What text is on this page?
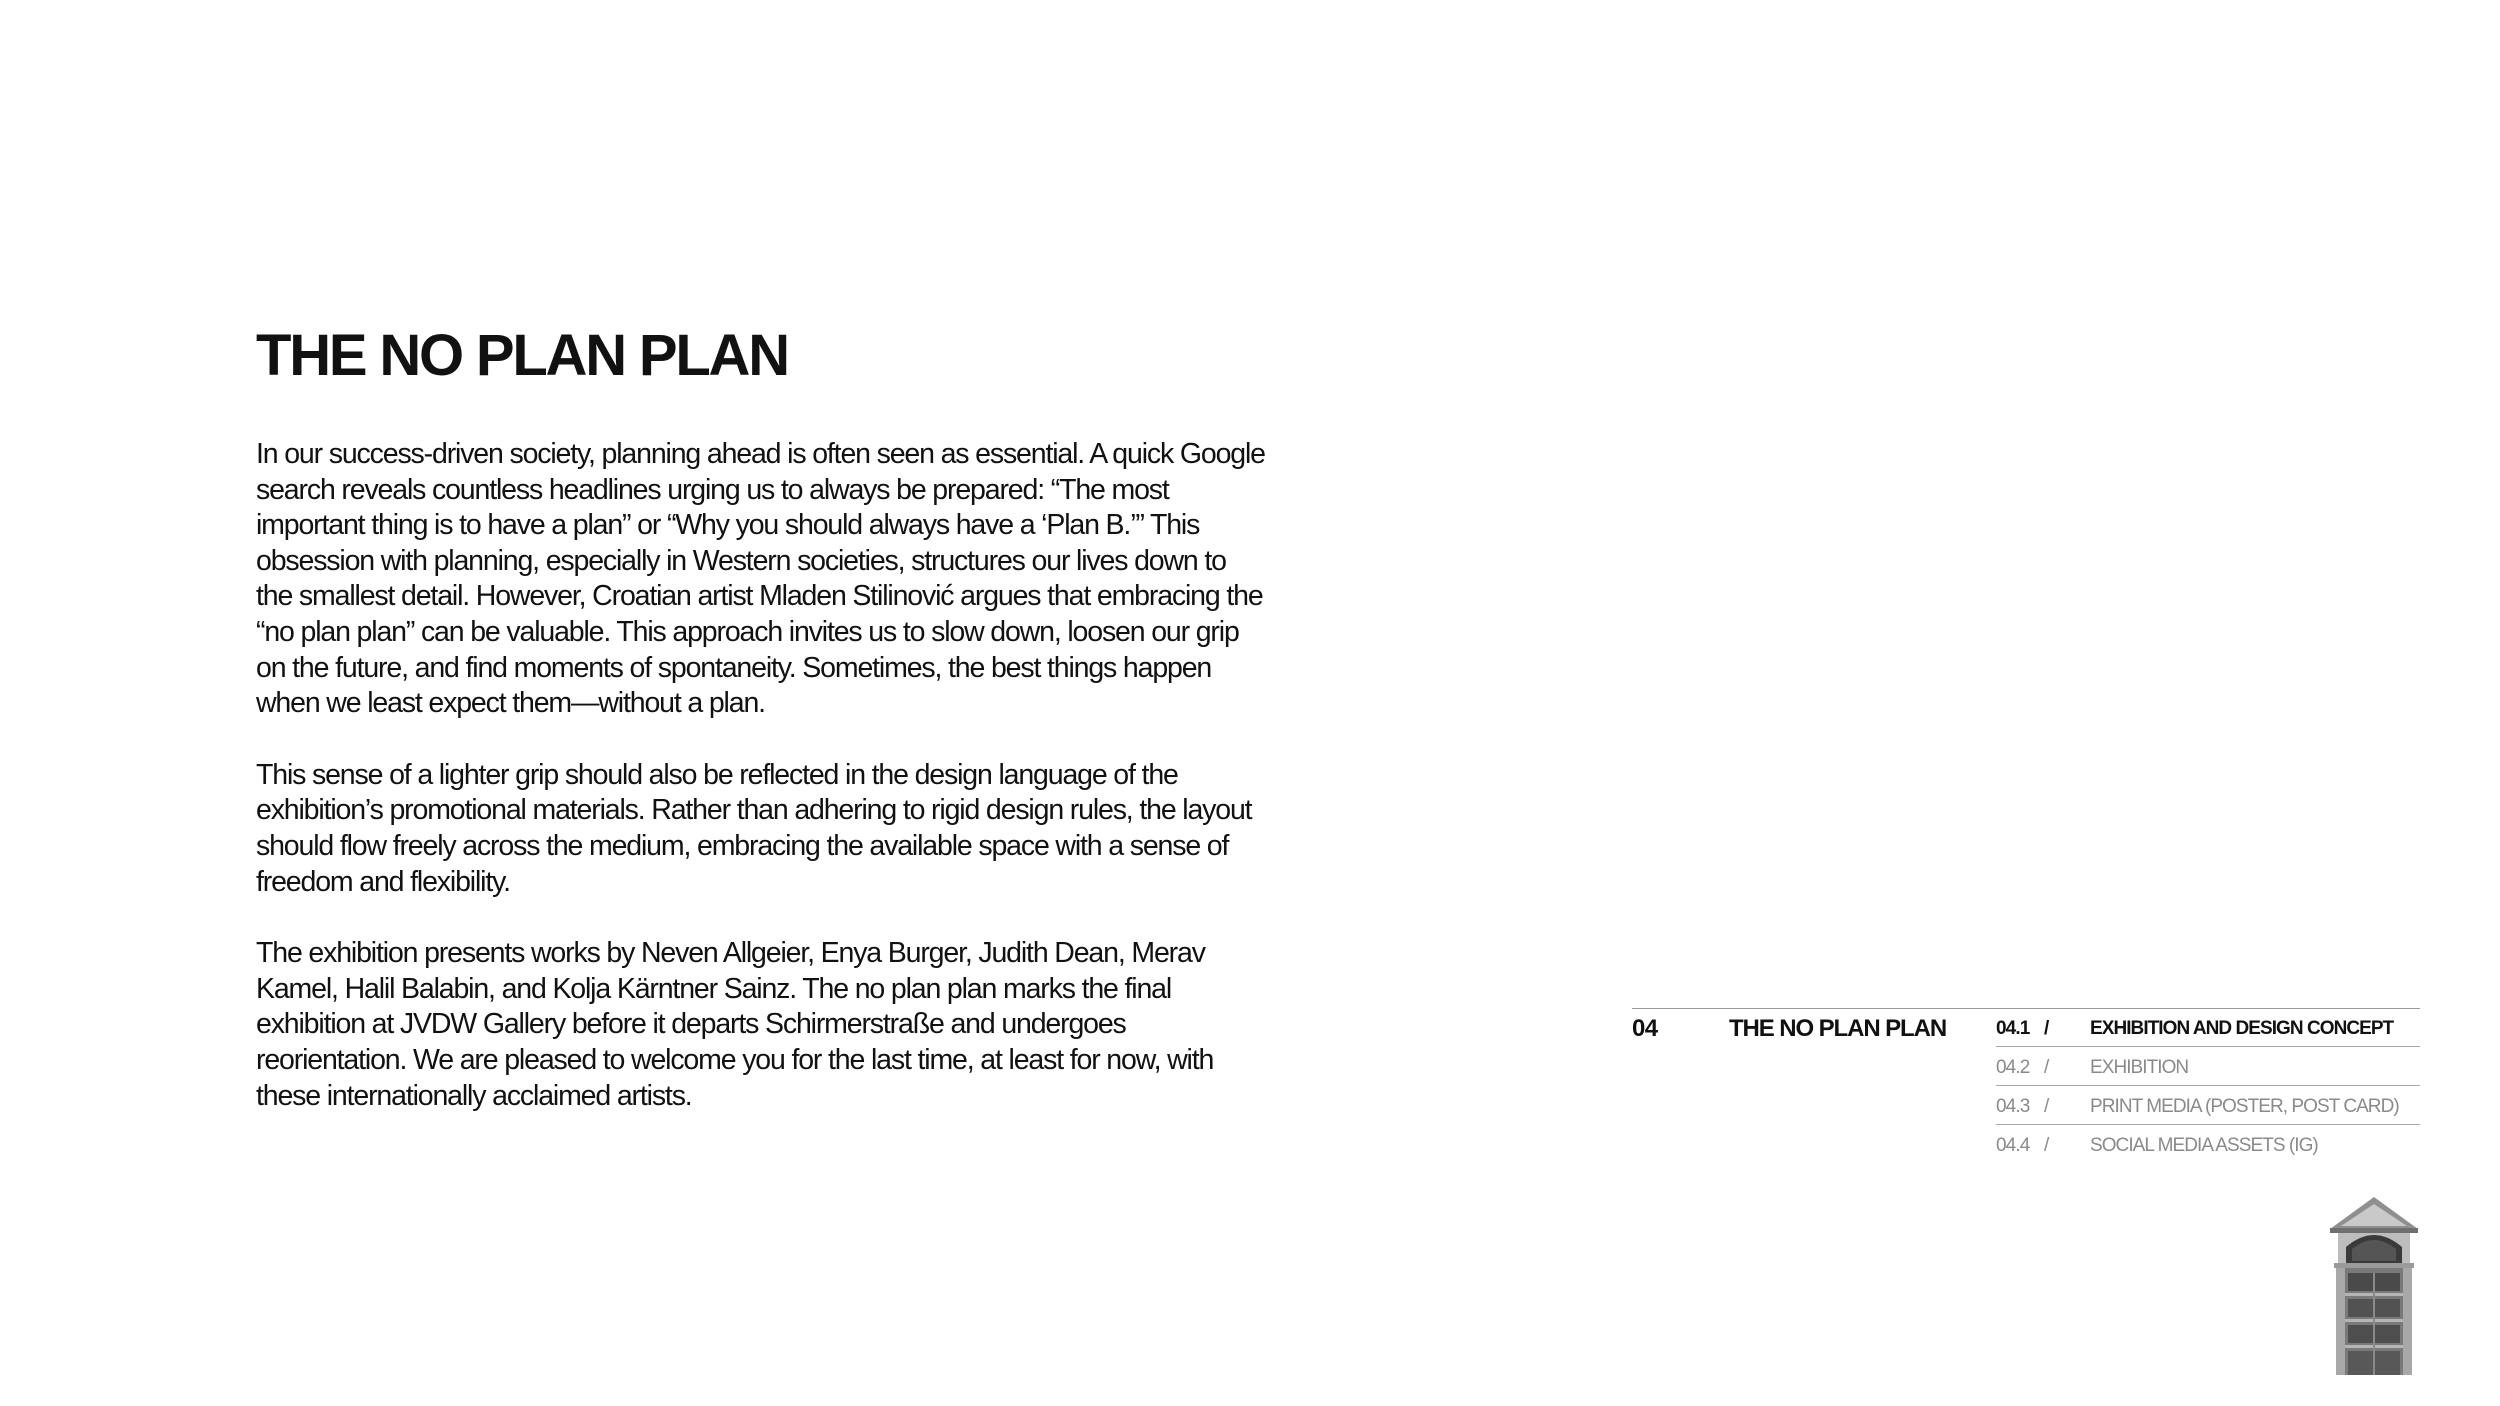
THE NO PLAN PLAN

In our success-driven society, planning ahead is often seen as essential. A quick Google search reveals countless headlines urging us to always be prepared: “The most important thing is to have a plan” or “Why you should always have a ‘Plan B.’” This obsession with planning, especially in Western societies, structures our lives down to the smallest detail. However, Croatian artist Mladen Stilinović argues that embracing the “no plan plan” can be valuable. This approach invites us to slow down, loosen our grip on the future, and find moments of spontaneity. Sometimes, the best things happen when we least expect them—without a plan.

This sense of a lighter grip should also be reflected in the design language of the exhibition’s promotional materials. Rather than adhering to rigid design rules, the layout should flow freely across the medium, embracing the available space with a sense of freedom and flexibility.

The exhibition presents works by Neven Allgeier, Enya Burger, Judith Dean, Merav Kamel, Halil Balabin, and Kolja Kärntner Sainz. The no plan plan marks the final exhibition at JVDW Gallery before it departs Schirmerstraße and undergoes reorientation. We are pleased to welcome you for the last time, at least for now, with these internationally acclaimed artists.

04	THE NO PLAN PLAN	04.1 / EXHIBITION AND DESIGN CONCEPT
04.2 / EXHIBITION
04.3 / PRINT MEDIA (POSTER, POST CARD)
04.4 / SOCIAL MEDIA ASSETS (IG)
